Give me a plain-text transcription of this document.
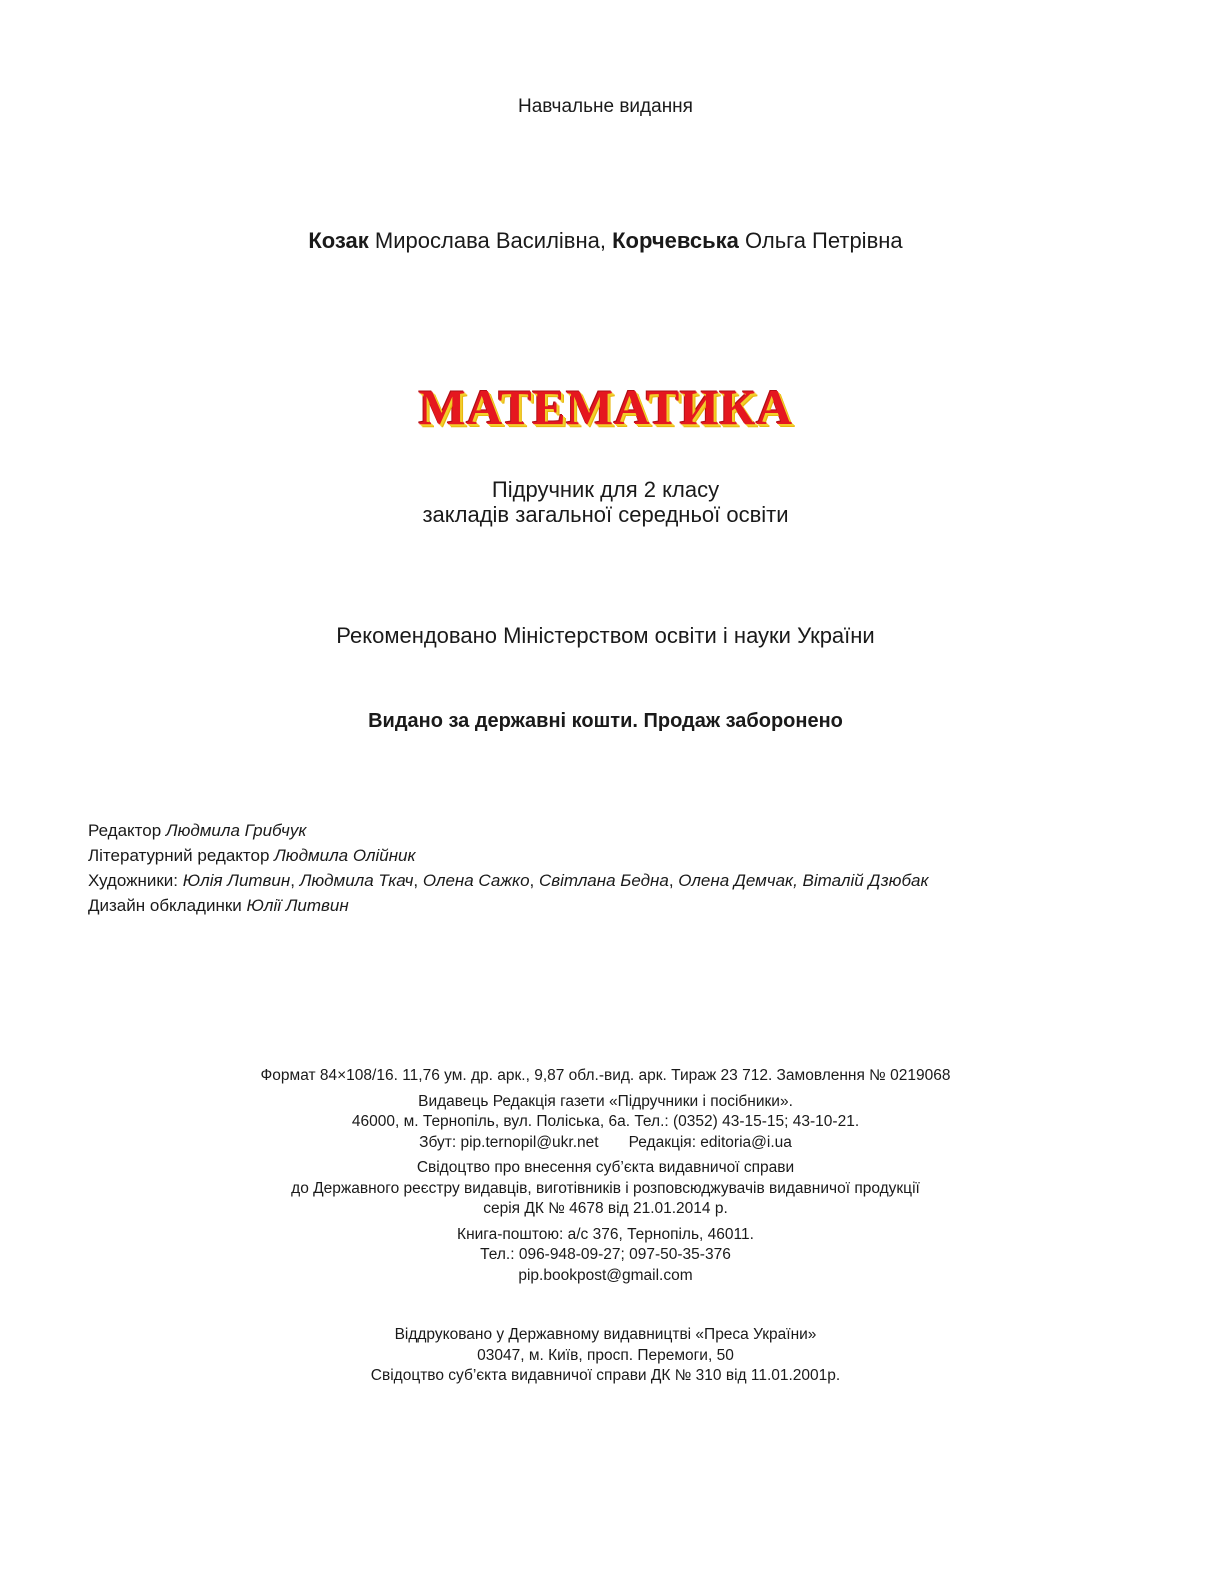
Навчальне видання
Козак Мирослава Василівна, Корчевська Ольга Петрівна
МАТЕМАТИКА
Підручник для 2 класу
закладів загальної середньої освіти
Рекомендовано Міністерством освіти і науки України
Видано за державні кошти. Продаж заборонено
Редактор Людмила Грибчук
Літературний редактор Людмила Олійник
Художники: Юлія Литвин, Людмила Ткач, Олена Сажко, Світлана Бедна, Олена Демчак, Віталій Дзюбак
Дизайн обкладинки Юлії Литвин
Формат 84×108/16. 11,76 ум. др. арк., 9,87 обл.-вид. арк. Тираж 23 712. Замовлення № 0219068
Видавець Редакція газети «Підручники і посібники».
46000, м. Тернопіль, вул. Поліська, 6а. Тел.: (0352) 43-15-15; 43-10-21.
Збут: pip.ternopil@ukr.net Редакція: editoria@i.ua
Свідоцтво про внесення суб’єкта видавничої справи
до Державного реєстру видавців, виготівників і розповсюджувачів видавничої продукції
серія ДК № 4678 від 21.01.2014 р.
Книга-поштою: а/с 376, Тернопіль, 46011.
Тел.: 096-948-09-27; 097-50-35-376
pip.bookpost@gmail.com
Віддруковано у Державному видавництві «Преса України»
03047, м. Київ, просп. Перемоги, 50
Свідоцтво суб’єкта видавничої справи ДК № 310 від 11.01.2001р.
